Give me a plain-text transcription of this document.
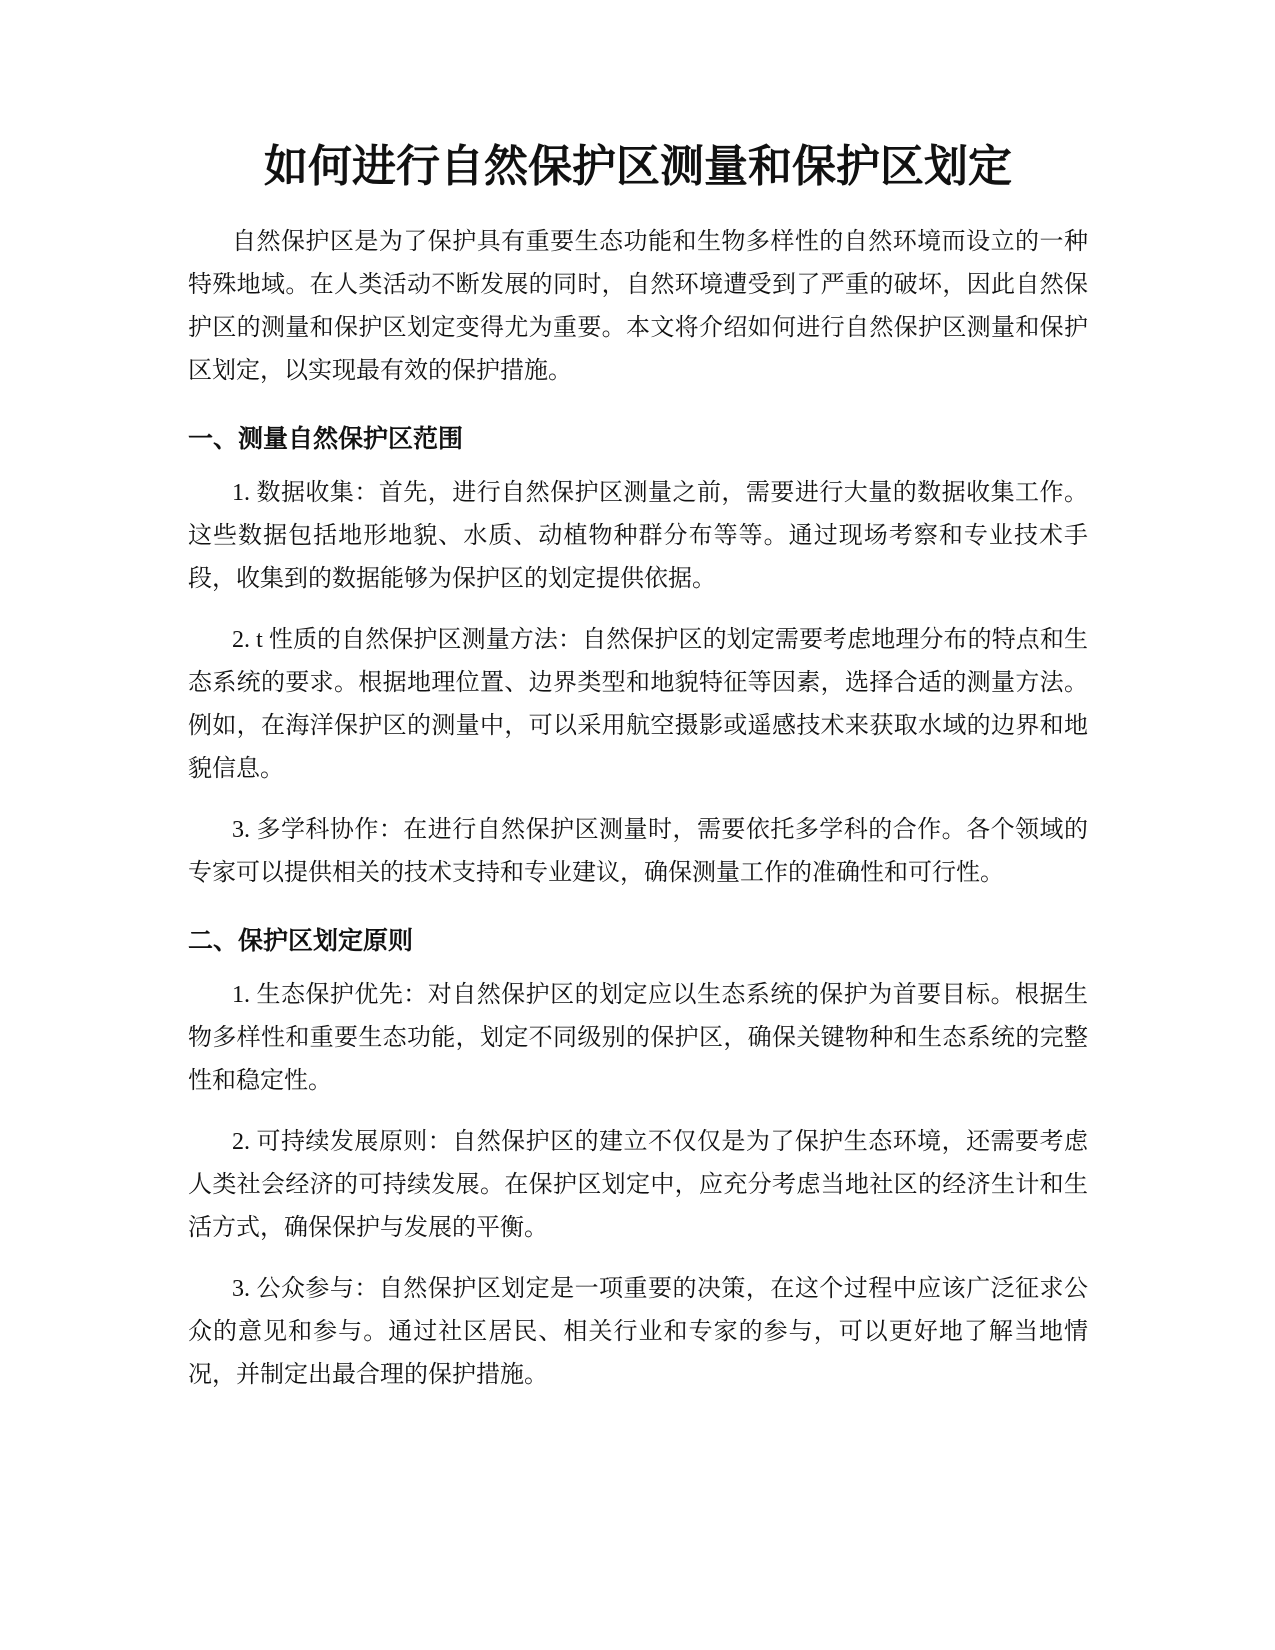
如何进行自然保护区测量和保护区划定

自然保护区是为了保护具有重要生态功能和生物多样性的自然环境而设立的一种特殊地域。在人类活动不断发展的同时，自然环境遭受到了严重的破坏，因此自然保护区的测量和保护区划定变得尤为重要。本文将介绍如何进行自然保护区测量和保护区划定，以实现最有效的保护措施。

一、测量自然保护区范围

1. 数据收集：首先，进行自然保护区测量之前，需要进行大量的数据收集工作。这些数据包括地形地貌、水质、动植物种群分布等等。通过现场考察和专业技术手段，收集到的数据能够为保护区的划定提供依据。

2. t 性质的自然保护区测量方法：自然保护区的划定需要考虑地理分布的特点和生态系统的要求。根据地理位置、边界类型和地貌特征等因素，选择合适的测量方法。例如，在海洋保护区的测量中，可以采用航空摄影或遥感技术来获取水域的边界和地貌信息。

3. 多学科协作：在进行自然保护区测量时，需要依托多学科的合作。各个领域的专家可以提供相关的技术支持和专业建议，确保测量工作的准确性和可行性。

二、保护区划定原则

1. 生态保护优先：对自然保护区的划定应以生态系统的保护为首要目标。根据生物多样性和重要生态功能，划定不同级别的保护区，确保关键物种和生态系统的完整性和稳定性。

2. 可持续发展原则：自然保护区的建立不仅仅是为了保护生态环境，还需要考虑人类社会经济的可持续发展。在保护区划定中，应充分考虑当地社区的经济生计和生活方式，确保保护与发展的平衡。

3. 公众参与：自然保护区划定是一项重要的决策，在这个过程中应该广泛征求公众的意见和参与。通过社区居民、相关行业和专家的参与，可以更好地了解当地情况，并制定出最合理的保护措施。
